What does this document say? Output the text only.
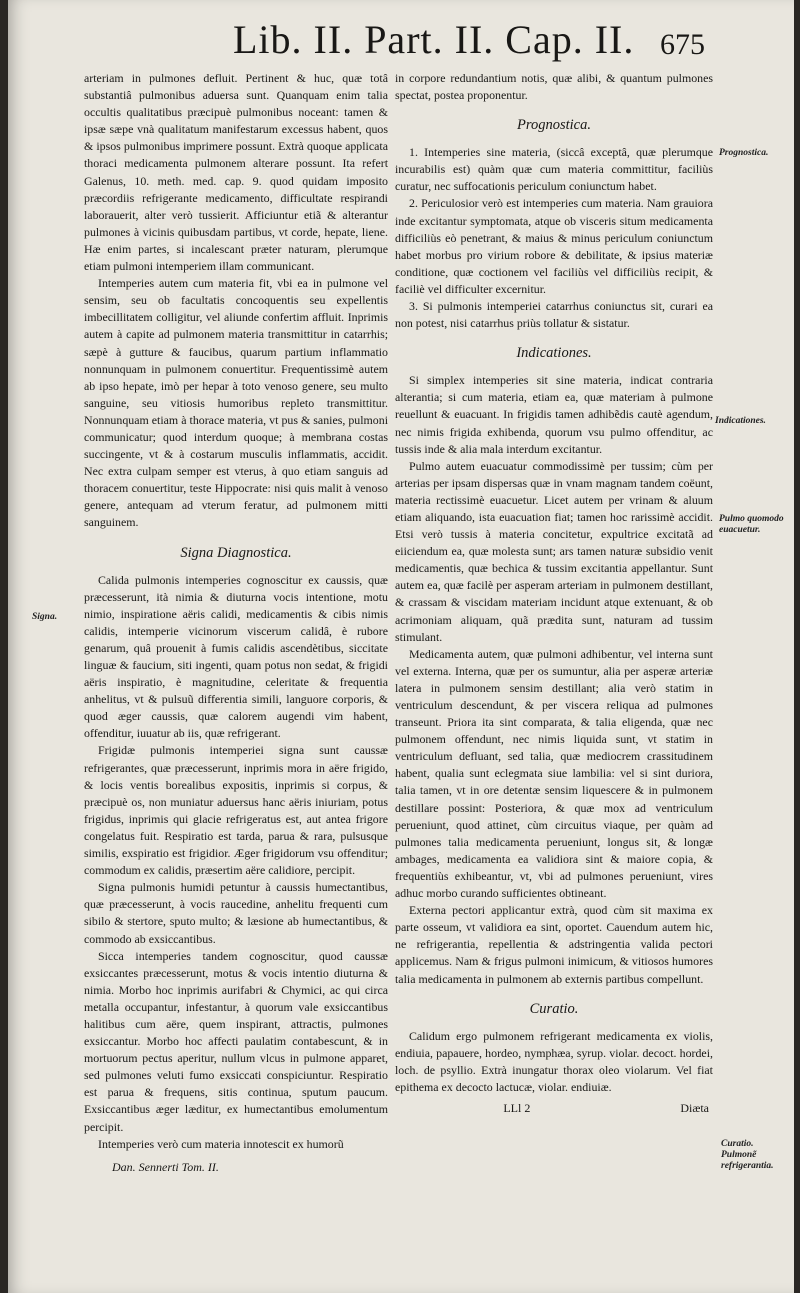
Lib. II. Part. II. Cap. II. 675

arteriam in pulmones defluit. Pertinent & huc, quæ totâ substantiâ pulmonibus aduersa sunt. Quanquam enim talia occultis qualitatibus præcipuè pulmonibus noceant: tamen & ipsæ sæpe vnà qualitatum manifestarum excessus habent, quos & ipsos pulmonibus imprimere possunt. Extrà quoque applicata thoraci medicamenta pulmonem alterare possunt. Ita refert Galenus, 10. meth. med. cap. 9. quod quidam imposito præcordiis refrigerante medicamento, difficultate respirandi laborauerit, alter verò tussierit. Afficiuntur etiã & alterantur pulmones à vicinis quibusdam partibus, vt corde, hepate, liene. Hæ enim partes, si incalescant præter naturam, plerumque etiam pulmoni intemperiem illam communicant.

Intemperies autem cum materia fit, vbi ea in pulmone vel sensim, seu ob facultatis concoquentis seu expellentis imbecillitatem colligitur, vel aliunde confertim affluit. Inprimis autem à capite ad pulmonem materia transmittitur in catarrhis; sæpè à gutture & faucibus, quarum partium inflammatio nonnunquam in pulmonem conuertitur. Frequentissimè autem ab ipso hepate, imò per hepar à toto venoso genere, seu multo sanguine, seu vitiosis humoribus repleto transmittitur. Nonnunquam etiam à thorace materia, vt pus & sanies, pulmoni communicatur; quod interdum quoque; à membrana costas succingente, vt & à costarum musculis inflammatis, accidit. Nec extra culpam semper est vterus, à quo etiam sanguis ad thoracem conuertitur, teste Hippocrate: nisi quis malit à venoso genere, antequam ad vterum feratur, ad pulmonem mitti sanguinem.

Signa Diagnostica.

Calida pulmonis intemperies cognoscitur ex caussis, quæ præcesserunt, ità nimia & diuturna vocis intentione, motu nimio, inspiratione aëris calidi, medicamentis & cibis nimis calidis, intemperie vicinorum viscerum calidâ, è rubore genarum, quâ prouenit à fumis calidis ascendètibus, siccitate linguæ & faucium, siti ingenti, quam potus non sedat, & frigidi aëris inspiratio, è magnitudine, celeritate & frequentia anhelitus, vt & pulsuũ differentia simili, languore corporis, & quod æger caussis, quæ calorem augendi vim habent, offenditur, iuuatur ab iis, quæ refrigerant.

Frigidæ pulmonis intemperiei signa sunt caussæ refrigerantes, quæ præcesserunt, inprimis mora in aëre frigido, & locis ventis borealibus expositis, inprimis si corpus, & præcipuè os, non muniatur aduersus hanc aëris iniuriam, potus frigidus, inprimis qui glacie refrigeratus est, aut antea frigore congelatus fuit. Respiratio est tarda, parua & rara, pulsusque similis, exspiratio est frigidior. Æger frigidorum vsu offenditur; commodum ex calidis, præsertim aëre calidiore, percipit.

Signa pulmonis humidi petuntur à caussis humectantibus, quæ præcesserunt, à vocis raucedine, anhelitu frequenti cum sibilo & stertore, sputo multo; & læsione ab humectantibus, & commodo ab exsiccantibus.

Sicca intemperies tandem cognoscitur, quod caussæ exsiccantes præcesserunt, motus & vocis intentio diuturna & nimia. Morbo hoc inprimis aurifabri & Chymici, ac qui circa metalla occupantur, infestantur, à quorum vale exsiccantibus halitibus cum aëre, quem inspirant, attractis, pulmones exsiccantur. Morbo hoc affecti paulatim contabescunt, & in mortuorum pectus aperitur, nullum vlcus in pulmone apparet, sed pulmones veluti fumo exsiccati conspiciuntur. Respiratio est parua & frequens, sitis continua, sputum paucum. Exsiccantibus æger læditur, ex humectantibus emolumentum percipit.

Intemperies verò cum materia innotescit ex humorũ

Dan. Sennerti Tom. II.

in corpore redundantium notis, quæ alibi, & quantum pulmones spectat, postea proponentur.

Prognostica.

1. Intemperies sine materia, (siccâ exceptâ, quæ plerumque incurabilis est) quàm quæ cum materia committitur, faciliùs curatur, nec suffocationis periculum coniunctum habet.

2. Periculosior verò est intemperies cum materia. Nam grauiora inde excitantur symptomata, atque ob visceris situm medicamenta difficiliùs eò penetrant, & maius & minus periculum coniunctum habet morbus pro virium robore & debilitate, & ipsius materiæ conditione, quæ coctionem vel faciliùs vel difficiliùs recipit, & faciliè vel difficulter excernitur.

3. Si pulmonis intemperiei catarrhus coniunctus sit, curari ea non potest, nisi catarrhus priùs tollatur & sistatur.

Indicationes.

Si simplex intemperies sit sine materia, indicat contraria alterantia; si cum materia, etiam ea, quæ materiam à pulmone reuellunt & euacuant. In frigidis tamen adhibẽdis cautè agendum, nec nimis frigida exhibenda, quorum vsu pulmo offenditur, ac tussis inde & alia mala interdum excitantur.

Pulmo autem euacuatur commodissimè per tussim; cùm per arterias per ipsam dispersas quæ in vnam magnam tandem coëunt, materia rectissimè euacuetur. Licet autem per vrinam & aluum etiam aliquando, ista euacuation fiat; tamen hoc rarissimè accidit. Etsi verò tussis à materia concitetur, expultrice excitatã ad eiiciendum ea, quæ molesta sunt; ars tamen naturæ subsidio venit medicamentis, quæ bechica & tussim excitantia appellantur. Sunt autem ea, quæ facilè per asperam arteriam in pulmonem destillant, & crassam & viscidam materiam incidunt atque extenuant, & ob acrimoniam aliquam, quã prædita sunt, naturam ad tussim stimulant.

Medicamenta autem, quæ pulmoni adhibentur, vel interna sunt vel externa. Interna, quæ per os sumuntur, alia per asperæ arteriæ latera in pulmonem sensim destillant; alia verò statim in ventriculum descendunt, & per viscera reliqua ad pulmones transeunt. Priora ita sint comparata, & talia eligenda, quæ nec pulmonem offendunt, nec nimis liquida sunt, vt statim in ventriculum defluant, sed talia, quæ mediocrem crassitudinem habent, qualia sunt eclegmata siue lambilia: vel si sint duriora, talia tamen, vt in ore detentæ sensim liquescere & in pulmonem destillare possint: Posteriora, & quæ mox ad ventriculum perueniunt, quod attinet, cùm circuitus viaque, per quàm ad pulmones talia medicamenta perueniunt, longus sit, & longæ ambages, medicamenta ea validiora sint & maiore copia, & frequentiùs exhibeantur, vt, vbi ad pulmones perueniunt, vires adhuc morbo curando sufficientes obtineant.

Externa pectori applicantur extrà, quod cùm sit maxima ex parte osseum, vt validiora ea sint, oportet. Cauendum autem hic, ne refrigerantia, repellentia & adstringentia valida pectori applicemus. Nam & frigus pulmoni inimicum, & vitiosos humores talia medicamenta in pulmonem ab externis partibus compellunt.

Curatio.

Calidum ergo pulmonem refrigerant medicamenta ex violis, endiuia, papauere, hordeo, nymphæa, syrup. violar. decoct. hordei, loch. de psyllio. Extrà inungatur thorax oleo violarum. Vel fiat epithema ex decocto lactucæ, violar. endiuiæ.

LLl 2	Diæta
Signa.
Prognostica.
Indicationes.
Pulmo quomodo euacuetur.
Curatio. Pulmonẽ refrigerantia.
